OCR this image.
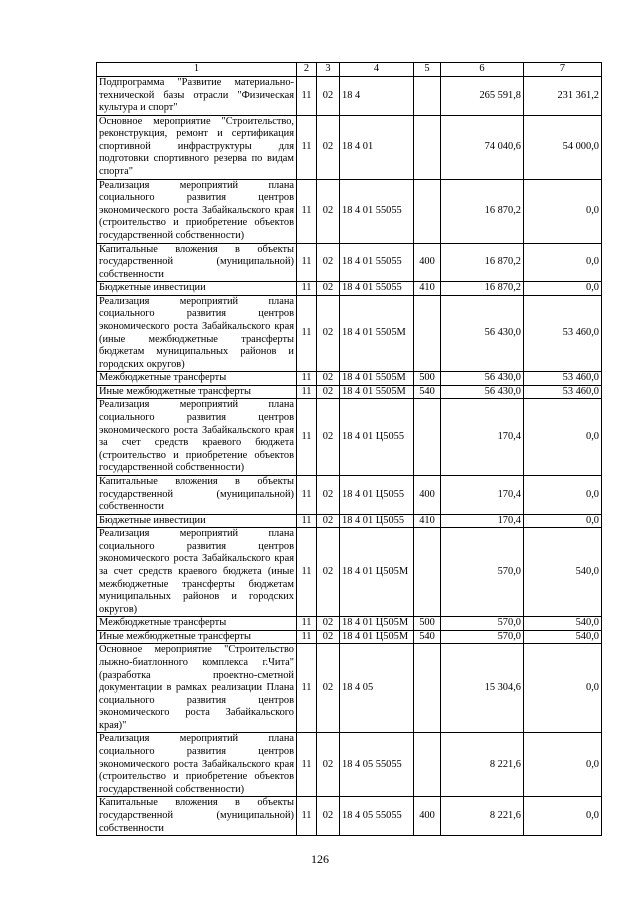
1	2	3	4	5	6	7
Подпрограмма "Развитие материально-технической базы отрасли "Физическая культура и спорт"	11	02	18 4		265 591,8	231 361,2
Основное мероприятие "Строительство, реконструкция, ремонт и сертификация спортивной инфраструктуры для подготовки спортивного резерва по видам спорта"	11	02	18 4 01		74 040,6	54 000,0
Реализация мероприятий плана социального развития центров экономического роста Забайкальского края (строительство и приобретение объектов государственной собственности)	11	02	18 4 01 55055		16 870,2	0,0
Капитальные вложения в объекты государственной (муниципальной) собственности	11	02	18 4 01 55055	400	16 870,2	0,0
Бюджетные инвестиции	11	02	18 4 01 55055	410	16 870,2	0,0
Реализация мероприятий плана социального развития центров экономического роста Забайкальского края (иные межбюджетные трансферты бюджетам муниципальных районов и городских округов)	11	02	18 4 01 5505М		56 430,0	53 460,0
Межбюджетные трансферты	11	02	18 4 01 5505М	500	56 430,0	53 460,0
Иные межбюджетные трансферты	11	02	18 4 01 5505М	540	56 430,0	53 460,0
Реализация мероприятий плана социального развития центров экономического роста Забайкальского края за счет средств краевого бюджета (строительство и приобретение объектов государственной собственности)	11	02	18 4 01 Ц5055		170,4	0,0
Капитальные вложения в объекты государственной (муниципальной) собственности	11	02	18 4 01 Ц5055	400	170,4	0,0
Бюджетные инвестиции	11	02	18 4 01 Ц5055	410	170,4	0,0
Реализация мероприятий плана социального развития центров экономического роста Забайкальского края за счет средств краевого бюджета (иные межбюджетные трансферты бюджетам муниципальных районов и городских округов)	11	02	18 4 01 Ц505М		570,0	540,0
Межбюджетные трансферты	11	02	18 4 01 Ц505М	500	570,0	540,0
Иные межбюджетные трансферты	11	02	18 4 01 Ц505М	540	570,0	540,0
Основное мероприятие "Строительство лыжно-биатлонного комплекса г.Чита" (разработка проектно-сметной документации в рамках реализации Плана социального развития центров экономического роста Забайкальского края)"	11	02	18 4 05		15 304,6	0,0
Реализация мероприятий плана социального развития центров экономического роста Забайкальского края (строительство и приобретение объектов государственной собственности)	11	02	18 4 05 55055		8 221,6	0,0
Капитальные вложения в объекты государственной (муниципальной) собственности	11	02	18 4 05 55055	400	8 221,6	0,0
126
